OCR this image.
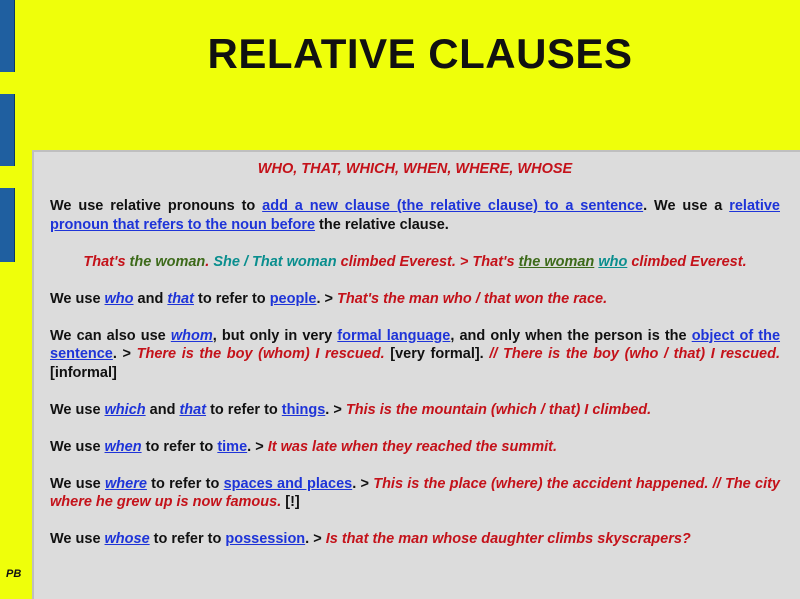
RELATIVE CLAUSES

WHO, THAT, WHICH, WHEN, WHERE, WHOSE

We use relative pronouns to add a new clause (the relative clause) to a sentence. We use a relative pronoun that refers to the noun before the relative clause.

That's the woman. She / That woman climbed Everest. > That's the woman who climbed Everest.

We use who and that to refer to people. > That's the man who / that won the race.

We can also use whom, but only in very formal language, and only when the person is the object of the sentence. > There is the boy (whom) I rescued. [very formal]. // There is the boy (who / that) I rescued. [informal]

We use which and that to refer to things. > This is the mountain (which / that) I climbed.

We use when to refer to time. > It was late when they reached the summit.

We use where to refer to spaces and places. > This is the place (where) the accident happened. // The city where he grew up is now famous. [!]

We use whose to refer to possession. > Is that the man whose daughter climbs skyscrapers?

PB
